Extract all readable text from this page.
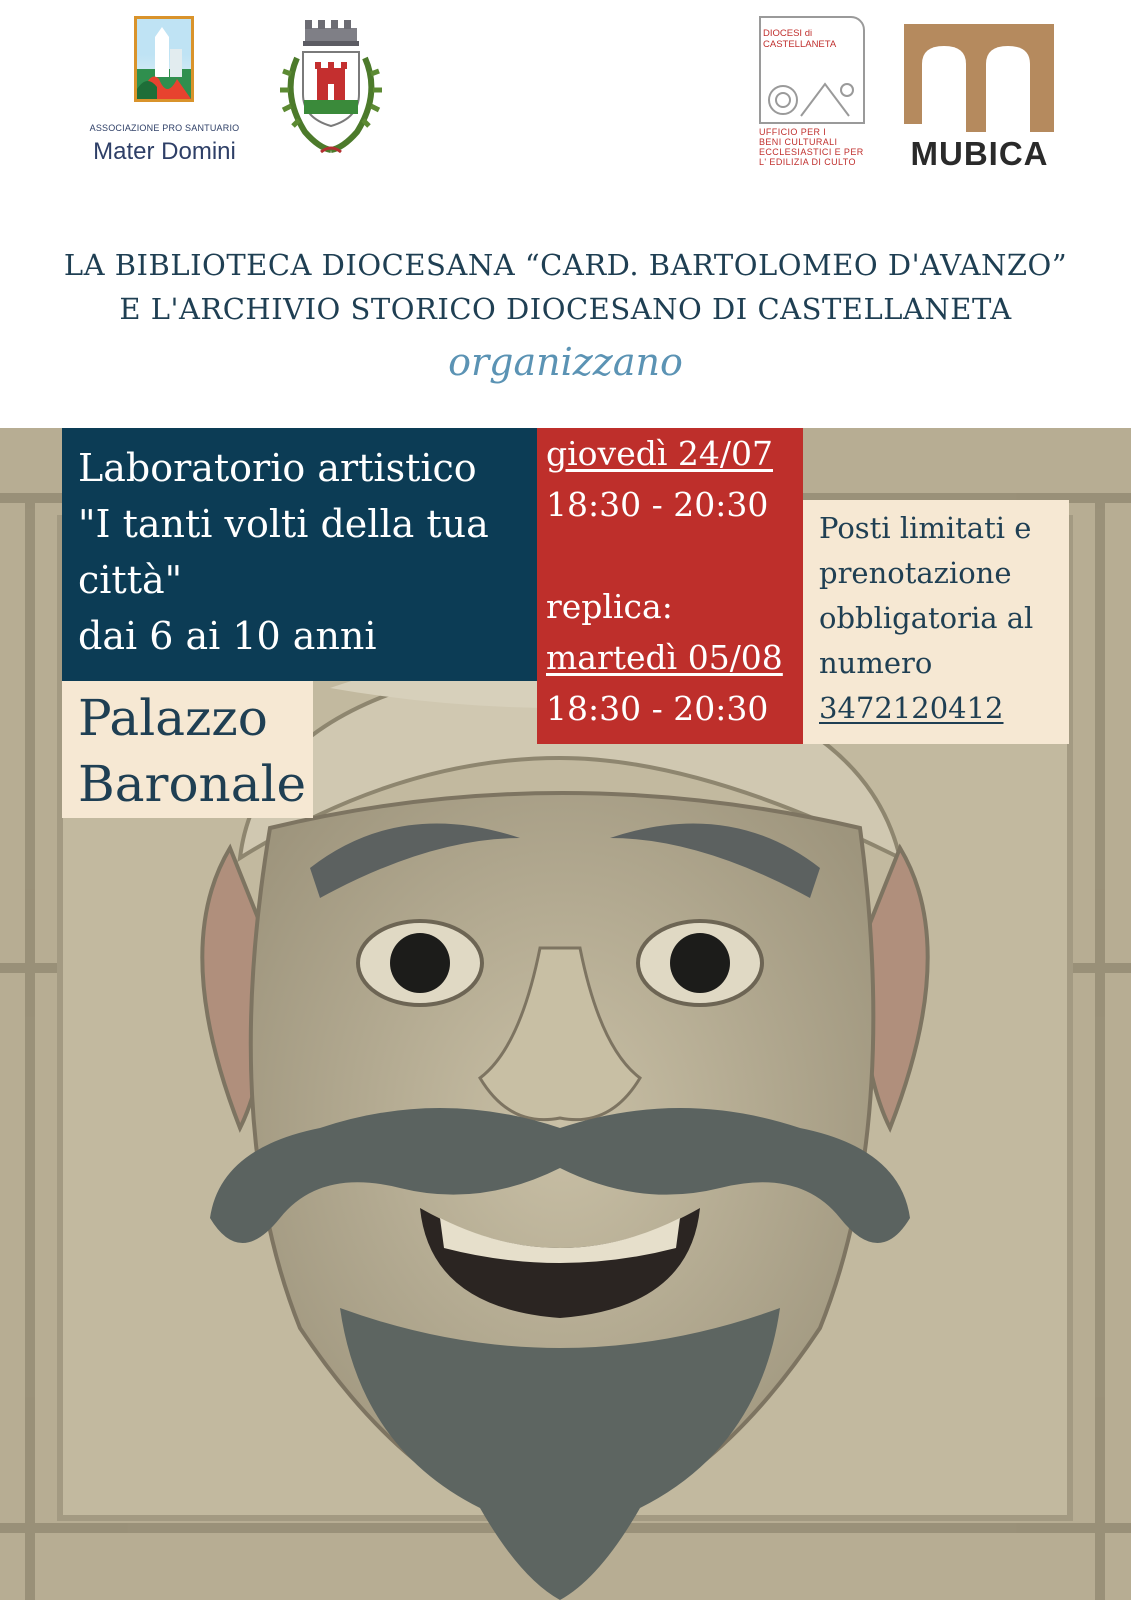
ASSOCIAZIONE PRO SANTUARIO
Mater Domini
DIOCESI di
CASTELLANETA
UFFICIO PER I
BENI CULTURALI
ECCLESIASTICI E PER
L' EDILIZIA DI CULTO	MUBICA
LA BIBLIOTECA DIOCESANA “CARD. BARTOLOMEO D'AVANZO”
E L'ARCHIVIO STORICO DIOCESANO DI CASTELLANETA
organizzano
Laboratorio artistico
"I tanti volti della tua
città"
dai 6 ai 10 anni
Palazzo
Baronale
giovedì 24/07
18:30 - 20:30
replica:
martedì 05/08
18:30 - 20:30
Posti limitati e
prenotazione
obbligatoria al
numero
3472120412
